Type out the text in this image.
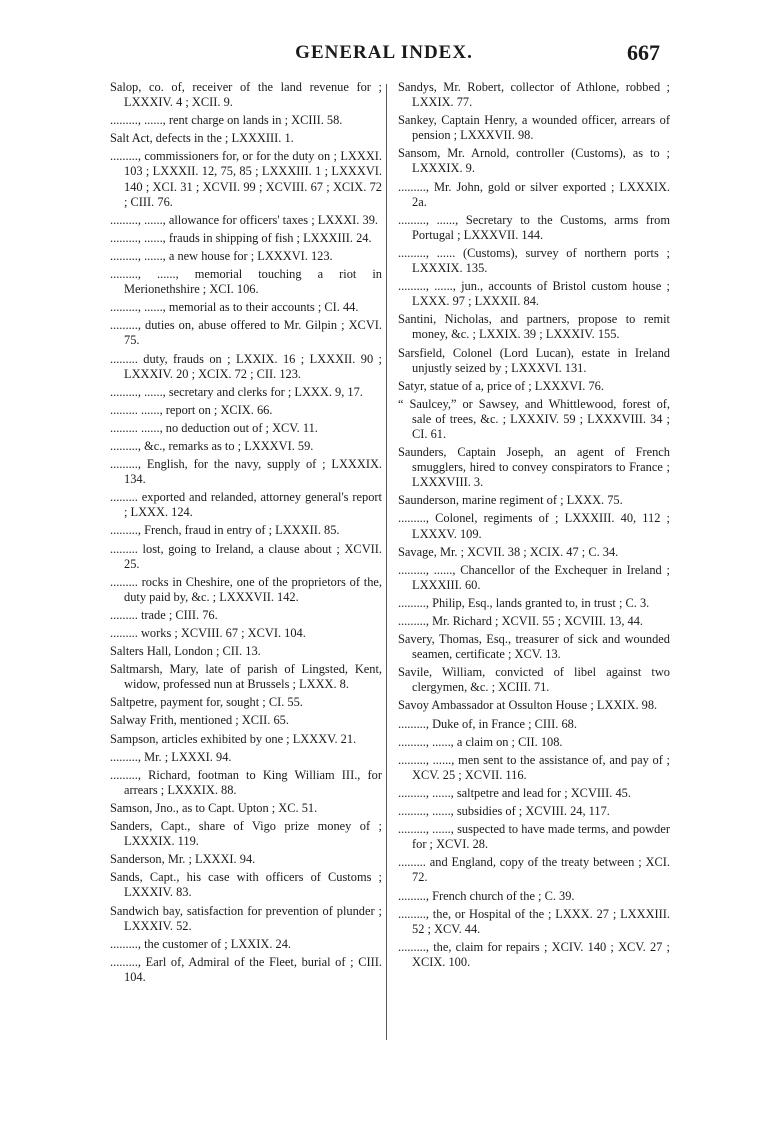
GENERAL INDEX.	667

Salop, co. of, receiver of the land revenue for ; LXXXIV. 4 ; XCII. 9.

........., ......, rent charge on lands in ; XCIII. 58.

Salt Act, defects in the ; LXXXIII. 1.

........., commissioners for, or for the duty on ; LXXXI. 103 ; LXXXII. 12, 75, 85 ; LXXXIII. 1 ; LXXXVI. 140 ; XCI. 31 ; XCVII. 99 ; XCVIII. 67 ; XCIX. 72 ; CIII. 76.

........., ......, allowance for officers' taxes ; LXXXI. 39.

........., ......, frauds in shipping of fish ; LXXXIII. 24.

........., ......, a new house for ; LXXXVI. 123.

........., ......, memorial touching a riot in Merionethshire ; XCI. 106.

........., ......, memorial as to their accounts ; CI. 44.

........., duties on, abuse offered to Mr. Gilpin ; XCVI. 75.

......... duty, frauds on ; LXXIX. 16 ; LXXXII. 90 ; LXXXIV. 20 ; XCIX. 72 ; CII. 123.

........., ......, secretary and clerks for ; LXXX. 9, 17.

......... ......, report on ; XCIX. 66.

......... ......, no deduction out of ; XCV. 11.

........., &c., remarks as to ; LXXXVI. 59.

........., English, for the navy, supply of ; LXXXIX. 134.

......... exported and relanded, attorney general's report ; LXXX. 124.

........., French, fraud in entry of ; LXXXII. 85.

......... lost, going to Ireland, a clause about ; XCVII. 25.

......... rocks in Cheshire, one of the proprietors of the, duty paid by, &c. ; LXXXVII. 142.

......... trade ; CIII. 76.

......... works ; XCVIII. 67 ; XCVI. 104.

Salters Hall, London ; CII. 13.

Saltmarsh, Mary, late of parish of Lingsted, Kent, widow, professed nun at Brussels ; LXXX. 8.

Saltpetre, payment for, sought ; CI. 55.

Salway Frith, mentioned ; XCII. 65.

Sampson, articles exhibited by one ; LXXXV. 21.

........., Mr. ; LXXXI. 94.

........., Richard, footman to King William III., for arrears ; LXXXIX. 88.

Samson, Jno., as to Capt. Upton ; XC. 51.

Sanders, Capt., share of Vigo prize money of ; LXXXIX. 119.

Sanderson, Mr. ; LXXXI. 94.

Sands, Capt., his case with officers of Customs ; LXXXIV. 83.

Sandwich bay, satisfaction for prevention of plunder ; LXXXIV. 52.

........., the customer of ; LXXIX. 24.

........., Earl of, Admiral of the Fleet, burial of ; CIII. 104.

Sandys, Mr. Robert, collector of Athlone, robbed ; LXXIX. 77.

Sankey, Captain Henry, a wounded officer, arrears of pension ; LXXXVII. 98.

Sansom, Mr. Arnold, controller (Customs), as to ; LXXXIX. 9.

........., Mr. John, gold or silver exported ; LXXXIX. 2a.

........., ......, Secretary to the Customs, arms from Portugal ; LXXXVII. 144.

........., ...... (Customs), survey of northern ports ; LXXXIX. 135.

........., ......, jun., accounts of Bristol custom house ; LXXX. 97 ; LXXXII. 84.

Santini, Nicholas, and partners, propose to remit money, &c. ; LXXIX. 39 ; LXXXIV. 155.

Sarsfield, Colonel (Lord Lucan), estate in Ireland unjustly seized by ; LXXXVI. 131.

Satyr, statue of a, price of ; LXXXVI. 76.

“ Saulcey,” or Sawsey, and Whittlewood, forest of, sale of trees, &c. ; LXXXIV. 59 ; LXXXVIII. 34 ; CI. 61.

Saunders, Captain Joseph, an agent of French smugglers, hired to convey conspirators to France ; LXXXVIII. 3.

Saunderson, marine regiment of ; LXXX. 75.

........., Colonel, regiments of ; LXXXIII. 40, 112 ; LXXXV. 109.

Savage, Mr. ; XCVII. 38 ; XCIX. 47 ; C. 34.

........., ......, Chancellor of the Exchequer in Ireland ; LXXXIII. 60.

........., Philip, Esq., lands granted to, in trust ; C. 3.

........., Mr. Richard ; XCVII. 55 ; XCVIII. 13, 44.

Savery, Thomas, Esq., treasurer of sick and wounded seamen, certificate ; XCV. 13.

Savile, William, convicted of libel against two clergymen, &c. ; XCIII. 71.

Savoy Ambassador at Ossulton House ; LXXIX. 98.

........., Duke of, in France ; CIII. 68.

........., ......, a claim on ; CII. 108.

........., ......, men sent to the assistance of, and pay of ; XCV. 25 ; XCVII. 116.

........., ......, saltpetre and lead for ; XCVIII. 45.

........., ......, subsidies of ; XCVIII. 24, 117.

........., ......, suspected to have made terms, and powder for ; XCVI. 28.

......... and England, copy of the treaty between ; XCI. 72.

........., French church of the ; C. 39.

........., the, or Hospital of the ; LXXX. 27 ; LXXXIII. 52 ; XCV. 44.

........., the, claim for repairs ; XCIV. 140 ; XCV. 27 ; XCIX. 100.
